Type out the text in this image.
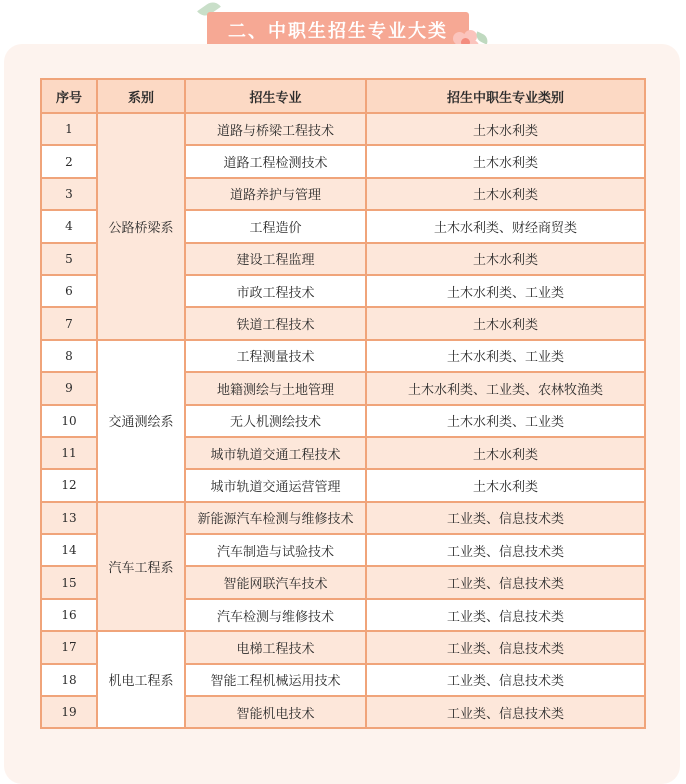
二、中职生招生专业大类
序号	系别	招生专业	招生中职生专业类别
1	公路桥梁系	道路与桥梁工程技术	土木水利类
2		道路工程检测技术	土木水利类
3		道路养护与管理	土木水利类
4		工程造价	土木水利类、财经商贸类
5		建设工程监理	土木水利类
6		市政工程技术	土木水利类、工业类
7		铁道工程技术	土木水利类
8	交通测绘系	工程测量技术	土木水利类、工业类
9		地籍测绘与土地管理	土木水利类、工业类、农林牧渔类
10		无人机测绘技术	土木水利类、工业类
11		城市轨道交通工程技术	土木水利类
12		城市轨道交通运营管理	土木水利类
13	汽车工程系	新能源汽车检测与维修技术	工业类、信息技术类
14		汽车制造与试验技术	工业类、信息技术类
15		智能网联汽车技术	工业类、信息技术类
16		汽车检测与维修技术	工业类、信息技术类
17	机电工程系	电梯工程技术	工业类、信息技术类
18		智能工程机械运用技术	工业类、信息技术类
19		智能机电技术	工业类、信息技术类
